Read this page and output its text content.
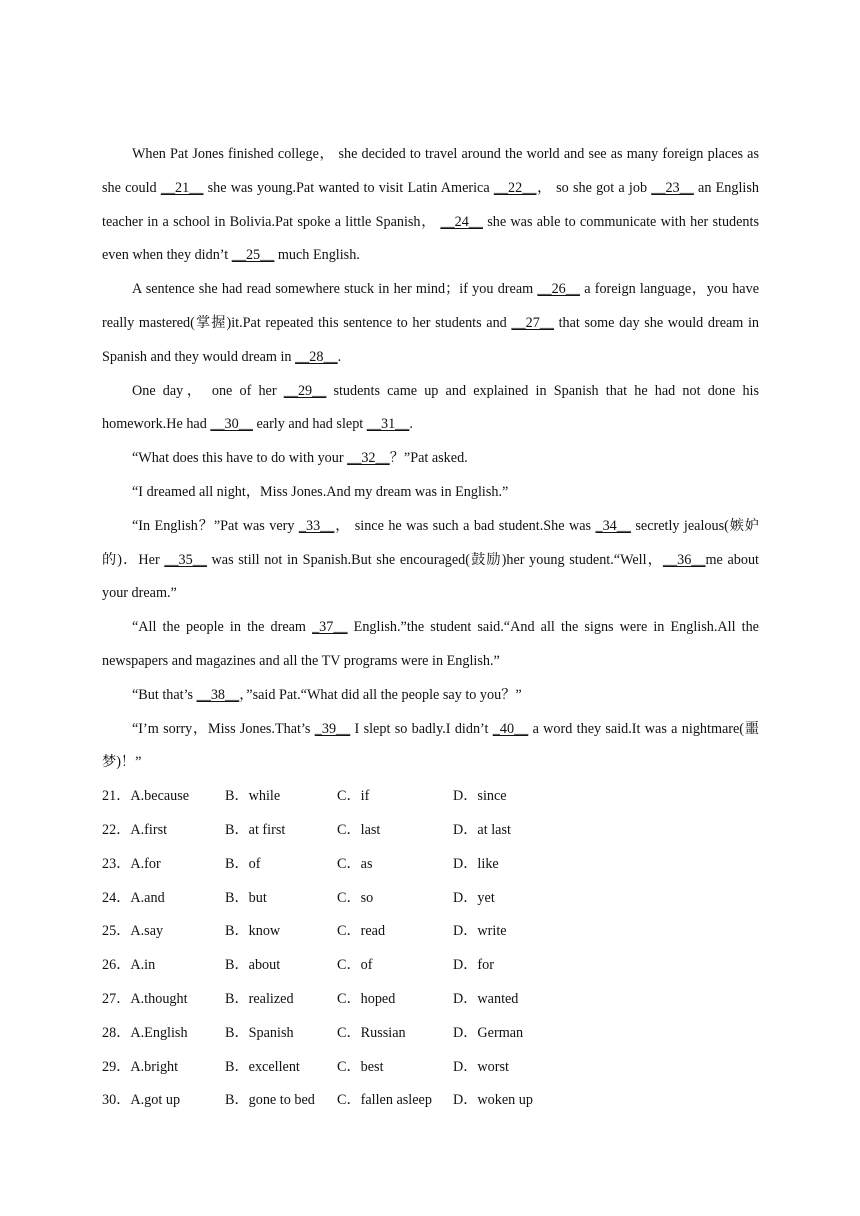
When Pat Jones finished college， she decided to travel around the world and see as many foreign places as she could __21__ she was young.Pat wanted to visit Latin America __22__， so she got a job __23__ an English teacher in a school in Bolivia.Pat spoke a little Spanish， __24__ she was able to communicate with her students even when they didn’t __25__ much English.

A sentence she had read somewhere stuck in her mind；if you dream __26__ a foreign language，you have really mastered(掌握)it.Pat repeated this sentence to her students and __27__ that some day she would dream in Spanish and they would dream in __28__.

One day， one of her __29__ students came up and explained in Spanish that he had not done his homework.He had __30__ early and had slept __31__.

“What does this have to do with your __32__？”Pat asked.

“I dreamed all night，Miss Jones.And my dream was in English.”

“In English？”Pat was very _33__， since he was such a bad student.She was _34__ secretly jealous(嫉妒的)．Her __35__ was still not in Spanish.But she encouraged(鼓励)her young student.“Well，__36__me about your dream.”

“All the people in the dream _37__ English.”the student said.“And all the signs were in English.All the newspapers and magazines and all the TV programs were in English.”

“But that’s __38__，”said Pat.“What did all the people say to you？”

“I’m sorry，Miss Jones.That’s _39__ I slept so badly.I didn’t _40__ a word they said.It was a nightmare(噩梦)！”

21．A.because	B．while	C．if	D．since
22．A.first	B．at first	C．last	D．at last
23．A.for	B．of	C．as	D．like
24．A.and	B．but	C．so	D．yet
25．A.say	B．know	C．read	D．write
26．A.in	B．about	C．of	D．for
27．A.thought	B．realized	C．hoped	D．wanted
28．A.English	B．Spanish	C．Russian	D．German
29．A.bright	B．excellent	C．best	D．worst
30．A.got up	B．gone to bed	C．fallen asleep	D．woken up
